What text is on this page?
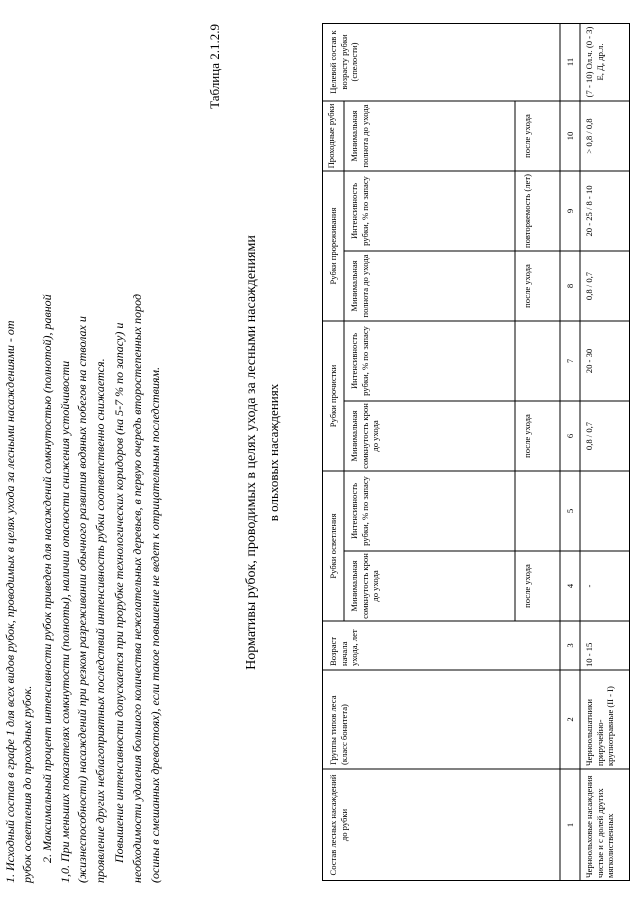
1. Исходный состав в графе 1 для всех видов рубок, проводимых в целях ухода за лесными насаждениями - от рубок осветления до проходных рубок. 2. Максимальный процент интенсивности рубок приведен для насаждений сомкнутостью (полнотой), равной 1,0. При меньших показателях сомкнутости (полноты), наличии опасности снижения устойчивости (жизнеспособности) насаждений при резком разреживании обычного развития водяных побегов на стволах и проявление других неблагоприятных последствий интенсивность рубки соответственно снижается. Повышение интенсивности допускается при прорубке технологических коридоров (на 5-7 % по запасу) и необходимости удаления большого количества нежелательных деревьев, в первую очередь второстепенных пород (осины в смешанных древостоях), если такое повышение не ведет к отрицательным последствиям.
Таблица 2.1.2.9
Нормативы рубок, проводимых в целях ухода за лесными насаждениями в ольховых насаждениях
Состав лесных насаждений до рубки
Группы типов леса (класс бонитета)
Возраст начала ухода, лет
Рубки осветления
Рубки прочистки
Рубки прореживания
Проходные рубки
Целевой состав к возрасту рубки (спелости)
Минимальная сомкнутость крон до ухода
Интенсивность рубки, % по запасу
Минимальная сомкнутость крон до ухода
Интенсивность рубки, % по запасу
Минимальная полнота до ухода
Интенсивность рубки, % по запасу
Минимальная полнота до ухода
после ухода
после ухода
после ухода
повторяемость (лет)
после ухода
1
2
3
4
5
6
7
8
9
10
11
Черноольховые насаждения чистые и с долей других мягколиственных
Черноольшатники приручейно-крупнотравные (II - I)
10 - 15
-
0,8 / 0,7
20 - 30
0,8 / 0,7
20 - 25 / 8 - 10
> 0,8 / 0,8
(7 - 10) Ол.ч. (0 - 3) Е, Д, др.л.
